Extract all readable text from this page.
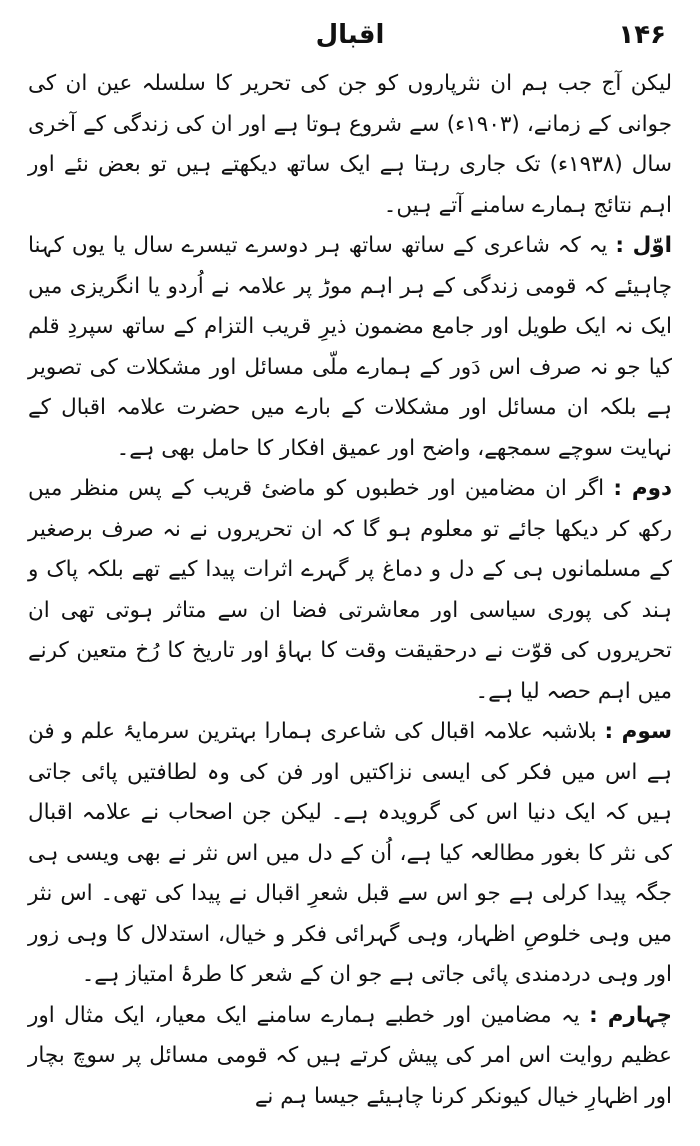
۱۴۶
اقبال

لیکن آج جب ہم ان نثرپاروں کو جن کی تحریر کا سلسلہ عین ان کی جوانی کے زمانے، (۱۹۰۳ء) سے شروع ہوتا ہے اور ان کی زندگی کے آخری سال (۱۹۳۸ء) تک جاری رہتا ہے ایک ساتھ دیکھتے ہیں تو بعض نئے اور اہم نتائج ہمارے سامنے آتے ہیں۔

اوّل : یہ کہ شاعری کے ساتھ ساتھ ہر دوسرے تیسرے سال یا یوں کہنا چاہیئے کہ قومی زندگی کے ہر اہم موڑ پر علامہ نے اُردو یا انگریزی میں ایک نہ ایک طویل اور جامع مضمون ذیرِ قریب التزام کے ساتھ سپردِ قلم کیا جو نہ صرف اس دَور کے ہمارے ملّی مسائل اور مشکلات کی تصویر ہے بلکہ ان مسائل اور مشکلات کے بارے میں حضرت علامہ اقبال کے نہایت سوچے سمجھے، واضح اور عمیق افکار کا حامل بھی ہے۔

دوم : اگر ان مضامین اور خطبوں کو ماضیٔ قریب کے پس منظر میں رکھ کر دیکھا جائے تو معلوم ہو گا کہ ان تحریروں نے نہ صرف برصغیر کے مسلمانوں ہی کے دل و دماغ پر گہرے اثرات پیدا کیے تھے بلکہ پاک و ہند کی پوری سیاسی اور معاشرتی فضا ان سے متاثر ہوتی تھی ان تحریروں کی قوّت نے درحقیقت وقت کا بہاؤ اور تاریخ کا رُخ متعین کرنے میں اہم حصہ لیا ہے۔

سوم : بلاشبہ علامہ اقبال کی شاعری ہمارا بہترین سرمایۂ علم و فن ہے اس میں فکر کی ایسی نزاکتیں اور فن کی وہ لطافتیں پائی جاتی ہیں کہ ایک دنیا اس کی گرویدہ ہے۔ لیکن جن اصحاب نے علامہ اقبال کی نثر کا بغور مطالعہ کیا ہے، اُن کے دل میں اس نثر نے بھی ویسی ہی جگہ پیدا کرلی ہے جو اس سے قبل شعرِ اقبال نے پیدا کی تھی۔ اس نثر میں وہی خلوصِ اظہار، وہی گہرائی فکر و خیال، استدلال کا وہی زور اور وہی دردمندی پائی جاتی ہے جو ان کے شعر کا طرۂ امتیاز ہے۔

چہارم : یہ مضامین اور خطبے ہمارے سامنے ایک معیار، ایک مثال اور عظیم روایت اس امر کی پیش کرتے ہیں کہ قومی مسائل پر سوچ بچار اور اظہارِ خیال کیونکر کرنا چاہیئے جیسا ہم نے
